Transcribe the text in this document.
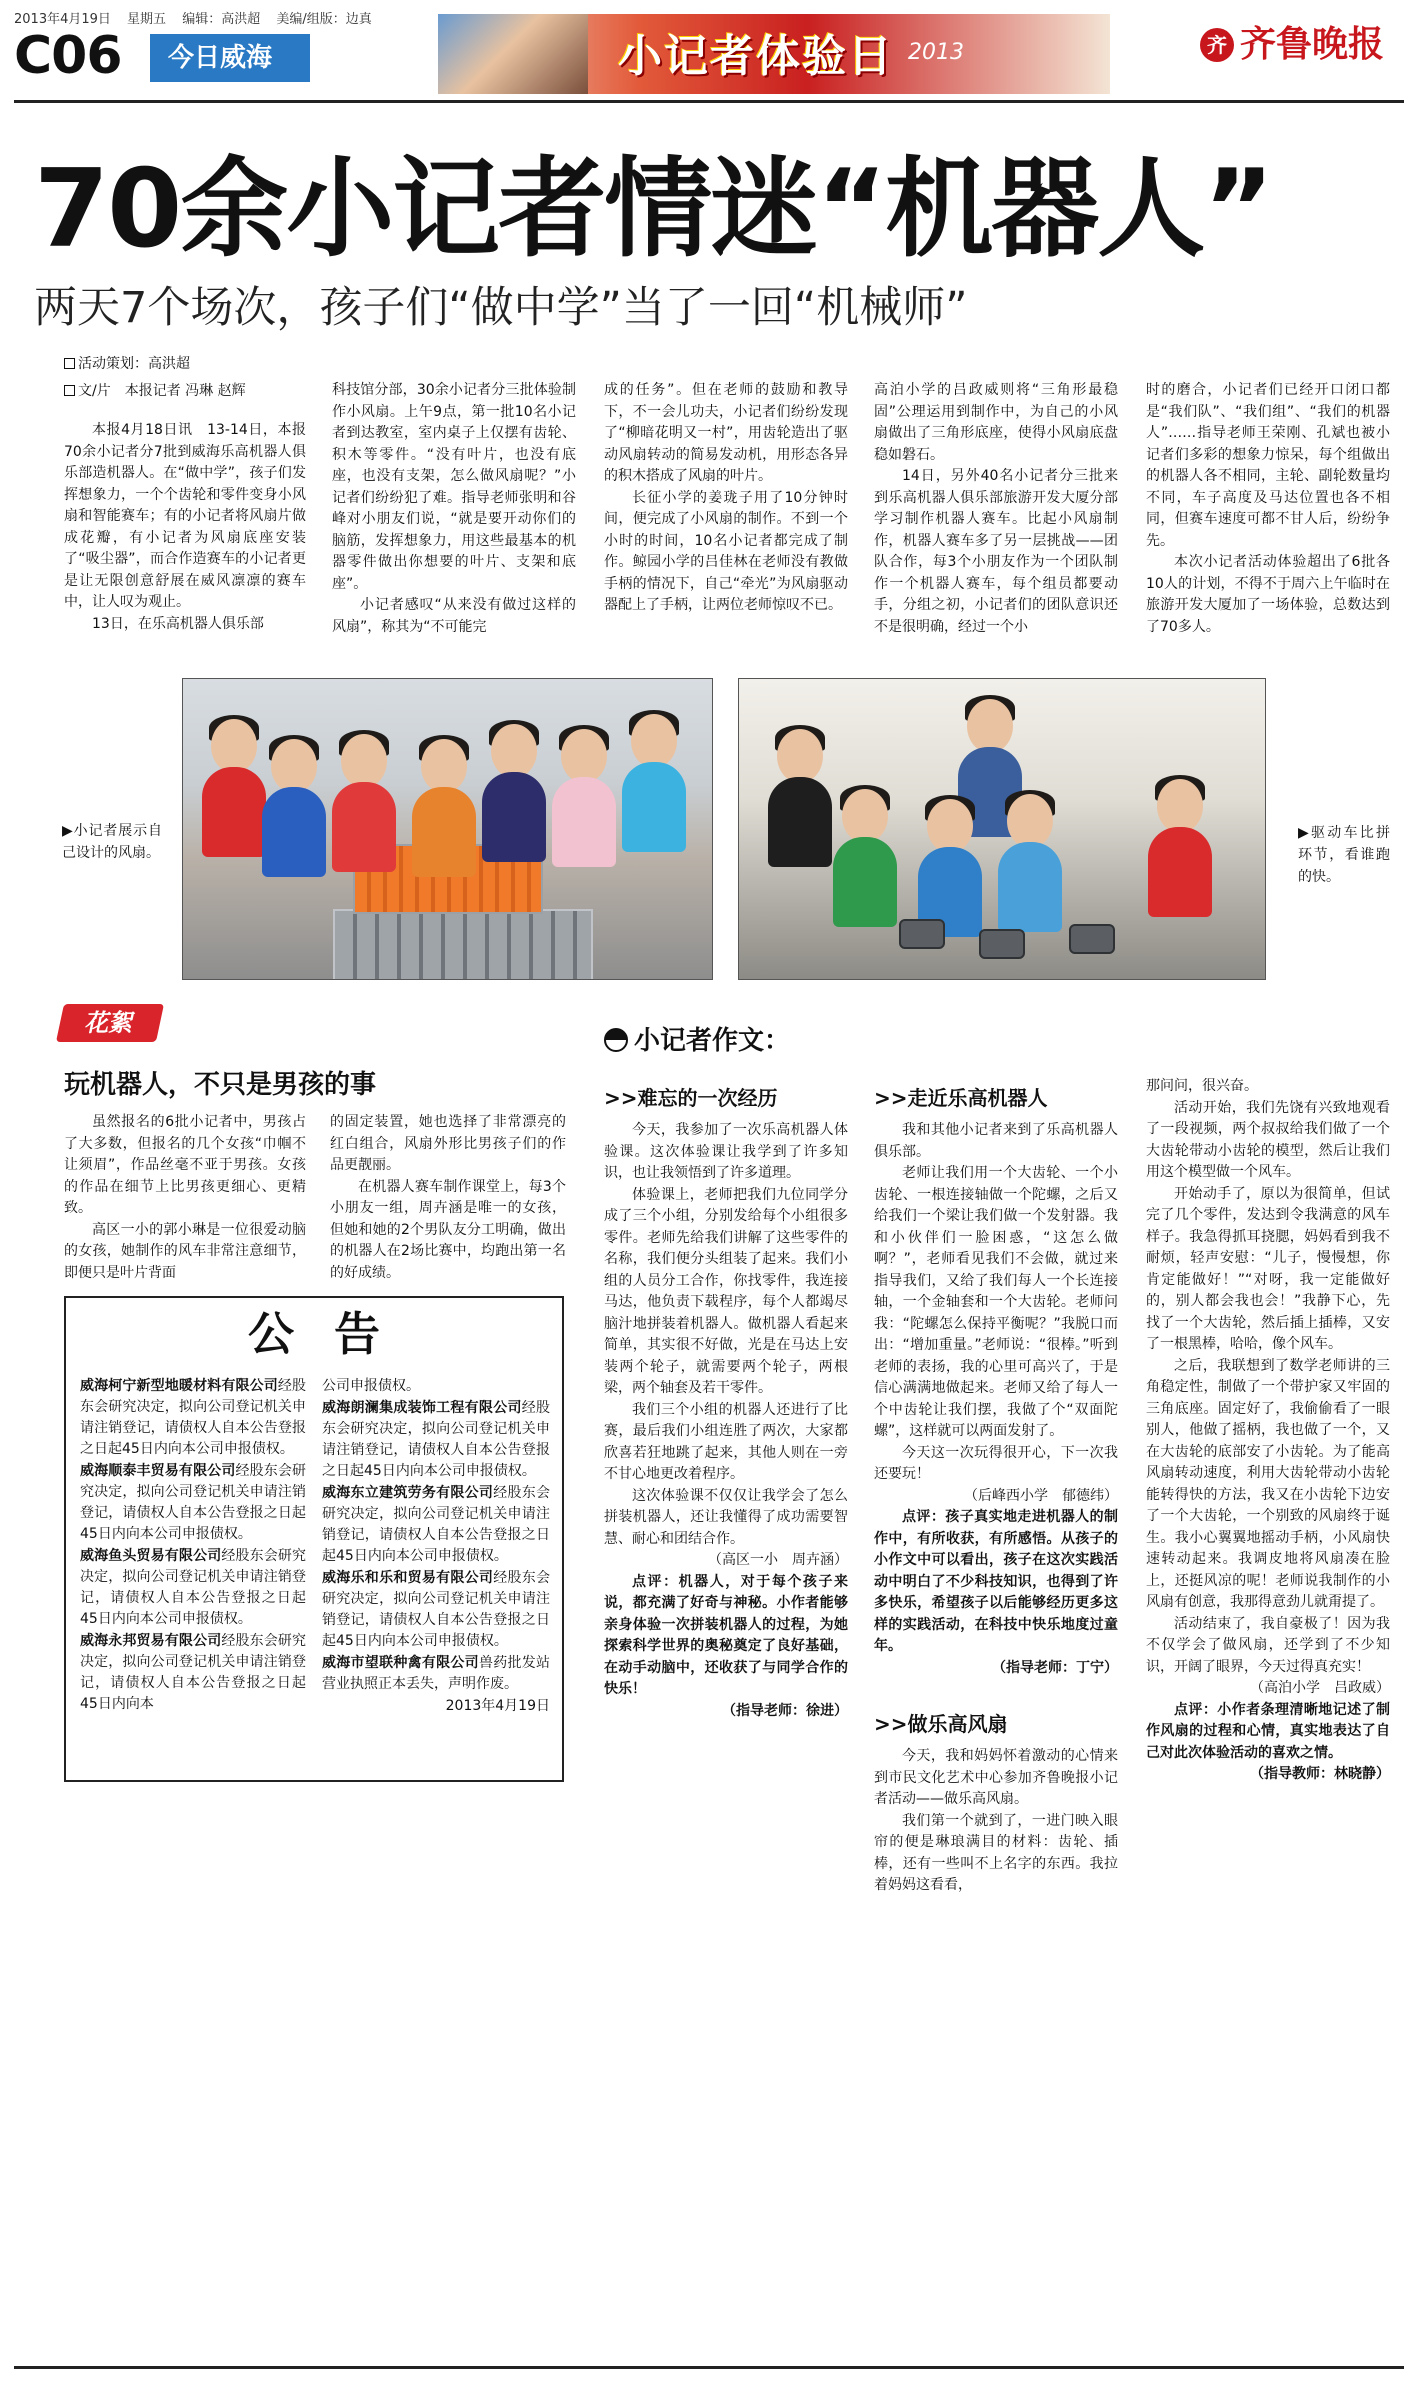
2013年4月19日 星期五 编辑：高洪超 美编/组版：边真
C06	今日威海	小记者体验日 2013	齐 齐鲁晚报
70余小记者情迷“机器人”
两天7个场次，孩子们“做中学”当了一回“机械师”
活动策划：高洪超
文/片　本报记者 冯琳 赵辉

本报4月18日讯　13-14日，本报70余小记者分7批到威海乐高机器人俱乐部造机器人。在“做中学”，孩子们发挥想象力，一个个齿轮和零件变身小风扇和智能赛车；有的小记者将风扇片做成花瓣，有小记者为风扇底座安装了“吸尘器”，而合作造赛车的小记者更是让无限创意舒展在威风凛凛的赛车中，让人叹为观止。

13日，在乐高机器人俱乐部

科技馆分部，30余小记者分三批体验制作小风扇。上午9点，第一批10名小记者到达教室，室内桌子上仅摆有齿轮、积木等零件。“没有叶片，也没有底座，也没有支架，怎么做风扇呢？”小记者们纷纷犯了难。指导老师张明和谷峰对小朋友们说，“就是要开动你们的脑筋，发挥想象力，用这些最基本的机器零件做出你想要的叶片、支架和底座”。

小记者感叹“从来没有做过这样的风扇”，称其为“不可能完

成的任务”。但在老师的鼓励和教导下，不一会儿功夫，小记者们纷纷发现了“柳暗花明又一村”，用齿轮造出了驱动风扇转动的简易发动机，用形态各异的积木搭成了风扇的叶片。

长征小学的姜珑子用了10分钟时间，便完成了小风扇的制作。不到一个小时的时间，10名小记者都完成了制作。鲸园小学的吕佳林在老师没有教做手柄的情况下，自己“牵光”为风扇驱动器配上了手柄，让两位老师惊叹不已。

高泊小学的吕政威则将“三角形最稳固”公理运用到制作中，为自己的小风扇做出了三角形底座，使得小风扇底盘稳如磐石。

14日，另外40名小记者分三批来到乐高机器人俱乐部旅游开发大厦分部学习制作机器人赛车。比起小风扇制作，机器人赛车多了另一层挑战——团队合作，每3个小朋友作为一个团队制作一个机器人赛车，每个组员都要动手，分组之初，小记者们的团队意识还不是很明确，经过一个小

时的磨合，小记者们已经开口闭口都是“我们队”、“我们组”、“我们的机器人”……指导老师王荣刚、孔斌也被小记者们多彩的想象力惊呆，每个组做出的机器人各不相同，主轮、副轮数量均不同，车子高度及马达位置也各不相同，但赛车速度可都不甘人后，纷纷争先。

本次小记者活动体验超出了6批各10人的计划，不得不于周六上午临时在旅游开发大厦加了一场体验，总数达到了70多人。

▶小记者展示自己设计的风扇。
▶驱动车比拼环节，看谁跑的快。
花絮
玩机器人，不只是男孩的事

虽然报名的6批小记者中，男孩占了大多数，但报名的几个女孩“巾帼不让须眉”，作品丝毫不亚于男孩。女孩的作品在细节上比男孩更细心、更精致。

高区一小的郭小琳是一位很爱动脑的女孩，她制作的风车非常注意细节，即便只是叶片背面

的固定装置，她也选择了非常漂亮的红白组合，风扇外形比男孩子们的作品更靓丽。

在机器人赛车制作课堂上，每3个小朋友一组，周卉涵是唯一的女孩，但她和她的2个男队友分工明确，做出的机器人在2场比赛中，均跑出第一名的好成绩。

公告

威海柯宁新型地暖材料有限公司经股东会研究决定，拟向公司登记机关申请注销登记，请债权人自本公告登报之日起45日内向本公司申报债权。

威海顺泰丰贸易有限公司经股东会研究决定，拟向公司登记机关申请注销登记，请债权人自本公告登报之日起45日内向本公司申报债权。

威海鱼头贸易有限公司经股东会研究决定，拟向公司登记机关申请注销登记，请债权人自本公告登报之日起45日内向本公司申报债权。

威海永邦贸易有限公司经股东会研究决定，拟向公司登记机关申请注销登记，请债权人自本公告登报之日起45日内向本

公司申报债权。

威海朗澜集成装饰工程有限公司经股东会研究决定，拟向公司登记机关申请注销登记，请债权人自本公告登报之日起45日内向本公司申报债权。

威海东立建筑劳务有限公司经股东会研究决定，拟向公司登记机关申请注销登记，请债权人自本公告登报之日起45日内向本公司申报债权。

威海乐和乐和贸易有限公司经股东会研究决定，拟向公司登记机关申请注销登记，请债权人自本公告登报之日起45日内向本公司申报债权。

威海市望联种禽有限公司兽药批发站营业执照正本丢失，声明作废。

2013年4月19日

小记者作文：
>>难忘的一次经历

今天，我参加了一次乐高机器人体验课。这次体验课让我学到了许多知识，也让我领悟到了许多道理。

体验课上，老师把我们九位同学分成了三个小组，分别发给每个小组很多零件。老师先给我们讲解了这些零件的名称，我们便分头组装了起来。我们小组的人员分工合作，你找零件，我连接马达，他负责下载程序，每个人都竭尽脑汁地拼装着机器人。做机器人看起来简单，其实很不好做，光是在马达上安装两个轮子，就需要两个轮子，两根梁，两个轴套及若干零件。

我们三个小组的机器人还进行了比赛，最后我们小组连胜了两次，大家都欣喜若狂地跳了起来，其他人则在一旁不甘心地更改着程序。

这次体验课不仅仅让我学会了怎么拼装机器人，还让我懂得了成功需要智慧、耐心和团结合作。

（高区一小　周卉涵）

点评：机器人，对于每个孩子来说，都充满了好奇与神秘。小作者能够亲身体验一次拼装机器人的过程，为她探索科学世界的奥秘奠定了良好基础，在动手动脑中，还收获了与同学合作的快乐！

（指导老师：徐进）

>>走近乐高机器人

我和其他小记者来到了乐高机器人俱乐部。

老师让我们用一个大齿轮、一个小齿轮、一根连接轴做一个陀螺，之后又给我们一个梁让我们做一个发射器。我和小伙伴们一脸困惑，“这怎么做啊？”，老师看见我们不会做，就过来指导我们，又给了我们每人一个长连接轴，一个金轴套和一个大齿轮。老师问我：“陀螺怎么保持平衡呢？”我脱口而出：“增加重量。”老师说：“很棒。”听到老师的表扬，我的心里可高兴了，于是信心满满地做起来。老师又给了每人一个中齿轮让我们摆，我做了个“双面陀螺”，这样就可以两面发射了。

今天这一次玩得很开心，下一次我还要玩！

（后峰西小学　郁德纬）

点评：孩子真实地走进机器人的制作中，有所收获，有所感悟。从孩子的小作文中可以看出，孩子在这次实践活动中明白了不少科技知识，也得到了许多快乐，希望孩子以后能够经历更多这样的实践活动，在科技中快乐地度过童年。

（指导老师：丁宁）

>>做乐高风扇

今天，我和妈妈怀着激动的心情来到市民文化艺术中心参加齐鲁晚报小记者活动——做乐高风扇。

我们第一个就到了，一进门映入眼帘的便是琳琅满目的材料：齿轮、插棒，还有一些叫不上名字的东西。我拉着妈妈这看看，

那问问，很兴奋。

活动开始，我们先饶有兴致地观看了一段视频，两个叔叔给我们做了一个大齿轮带动小齿轮的模型，然后让我们用这个模型做一个风车。

开始动手了，原以为很简单，但试完了几个零件，发达到令我满意的风车样子。我急得抓耳挠腮，妈妈看到我不耐烦，轻声安慰：“儿子，慢慢想，你肯定能做好！”“对呀，我一定能做好的，别人都会我也会！”我静下心，先找了一个大齿轮，然后插上插棒，又安了一根黑棒，哈哈，像个风车。

之后，我联想到了数学老师讲的三角稳定性，制做了一个带护家又牢固的三角底座。固定好了，我偷偷看了一眼别人，他做了摇柄，我也做了一个，又在大齿轮的底部安了小齿轮。为了能高风扇转动速度，利用大齿轮带动小齿轮能转得快的方法，我又在小齿轮下边安了一个大齿轮，一个别致的风扇终于诞生。我小心翼翼地摇动手柄，小风扇快速转动起来。我调皮地将风扇凑在脸上，还挺风凉的呢！老师说我制作的小风扇有创意，我那得意劲儿就甭提了。

活动结束了，我自豪极了！因为我不仅学会了做风扇，还学到了不少知识，开阔了眼界，今天过得真充实！

（高泊小学　吕政威）

点评：小作者条理清晰地记述了制作风扇的过程和心情，真实地表达了自己对此次体验活动的喜欢之情。

（指导教师：林晓静）
